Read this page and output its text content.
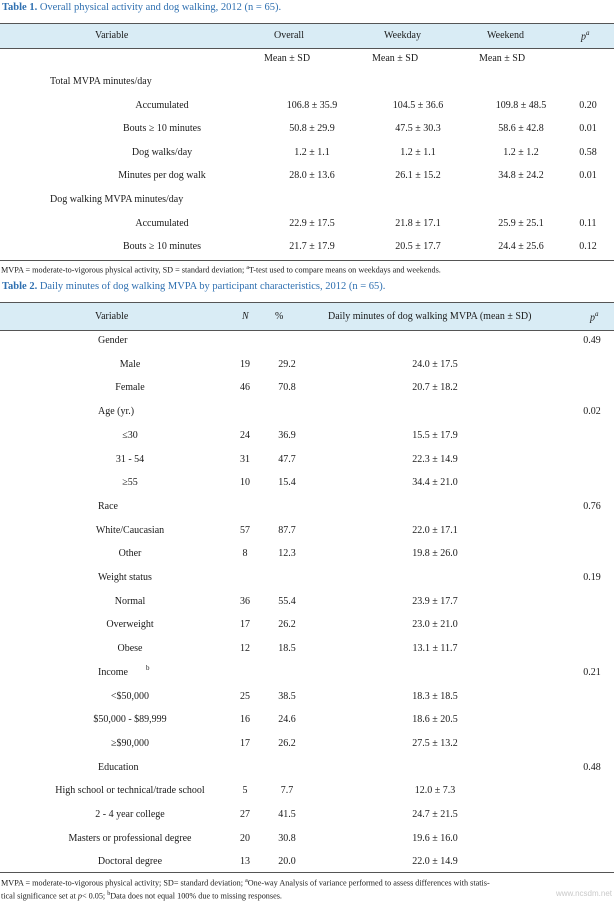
Table 1. Overall physical activity and dog walking, 2012 (n = 65).
Variable	Overall	Weekday	Weekend	$p^a$
Mean ± SD	Mean ± SD	Mean ± SD
Total MVPA minutes/day
Accumulated	106.8 ± 35.9	104.5 ± 36.6	109.8 ± 48.5	0.20
Bouts ≥ 10 minutes	50.8 ± 29.9	47.5 ± 30.3	58.6 ± 42.8	0.01
Dog walks/day	1.2 ± 1.1	1.2 ± 1.1	1.2 ± 1.2	0.58
Minutes per dog walk	28.0 ± 13.6	26.1 ± 15.2	34.8 ± 24.2	0.01
Dog walking MVPA minutes/day
Accumulated	22.9 ± 17.5	21.8 ± 17.1	25.9 ± 25.1	0.11
Bouts ≥ 10 minutes	21.7 ± 17.9	20.5 ± 17.7	24.4 ± 25.6	0.12
MVPA = moderate-to-vigorous physical activity, SD = standard deviation; $^a$T-test used to compare means on weekdays and weekends.
Table 2. Daily minutes of dog walking MVPA by participant characteristics, 2012 (n = 65).
Variable	N	%	Daily minutes of dog walking MVPA (mean ± SD)	$p^a$
Gender	0.49
Male	19	29.2	24.0 ± 17.5
Female	46	70.8	20.7 ± 18.2
Age (yr.)	0.02
≤30	24	36.9	15.5 ± 17.9
31 - 54	31	47.7	22.3 ± 14.9
≥55	10	15.4	34.4 ± 21.0
Race	0.76
White/Caucasian	57	87.7	22.0 ± 17.1
Other	8	12.3	19.8 ± 26.0
Weight status	0.19
Normal	36	55.4	23.9 ± 17.7
Overweight	17	26.2	23.0 ± 21.0
Obese	12	18.5	13.1 ± 11.7
Income	b	0.21
<$50,000	25	38.5	18.3 ± 18.5
$50,000 - $89,999	16	24.6	18.6 ± 20.5
≥$90,000	17	26.2	27.5 ± 13.2
Education	0.48
High school or technical/trade school	5	7.7	12.0 ± 7.3
2 - 4 year college	27	41.5	24.7 ± 21.5
Masters or professional degree	20	30.8	19.6 ± 16.0
Doctoral degree	13	20.0	22.0 ± 14.9
MVPA = moderate-to-vigorous physical activity; SD= standard deviation; $^a$One-way Analysis of variance performed to assess differences with statis-
tical significance set at p< 0.05; $^b$Data does not equal 100% due to missing responses.	www.ncsdm.net
